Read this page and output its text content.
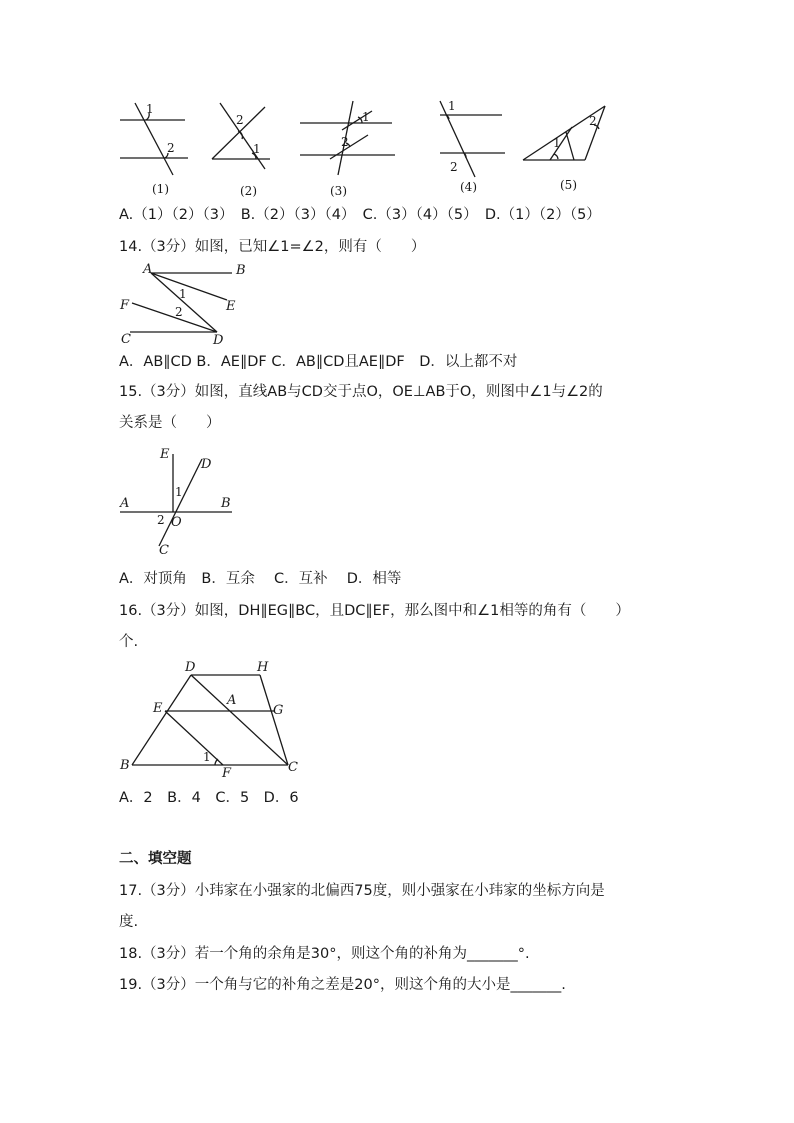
1
2
(1)
2
1
(2)
1
2
(3)
1
2
(4)
1
2
(5)
A.（1）（2）（3）　B.（2）（3）（4）　C.（3）（4）（5）　D.（1）（2）（5）
14.（3分）如图，已知∠1=∠2，则有（　　）
A	B
E
F
C	D
1
2
A．AB∥CD B．AE∥DF C．AB∥CD且AE∥DF　D．以上都不对
15.（3分）如图，直线AB与CD交于点O，OE⊥AB于O，则图中∠1与∠2的
关系是（　　）
E
D
A	B
O
C
1
2
A．对顶角　B．互余　 C．互补　 D．相等
16.（3分）如图，DH∥EG∥BC，且DC∥EF，那么图中和∠1相等的角有（　　）
个.
D	H
E
A
G
B
F	C
1
A．2　B．4　C．5　D．6
二、填空题
17.（3分）小玮家在小强家的北偏西75度，则小强家在小玮家的坐标方向是
度.
18.（3分）若一个角的余角是30°，则这个角的补角为_______°.
19.（3分）一个角与它的补角之差是20°，则这个角的大小是_______.
